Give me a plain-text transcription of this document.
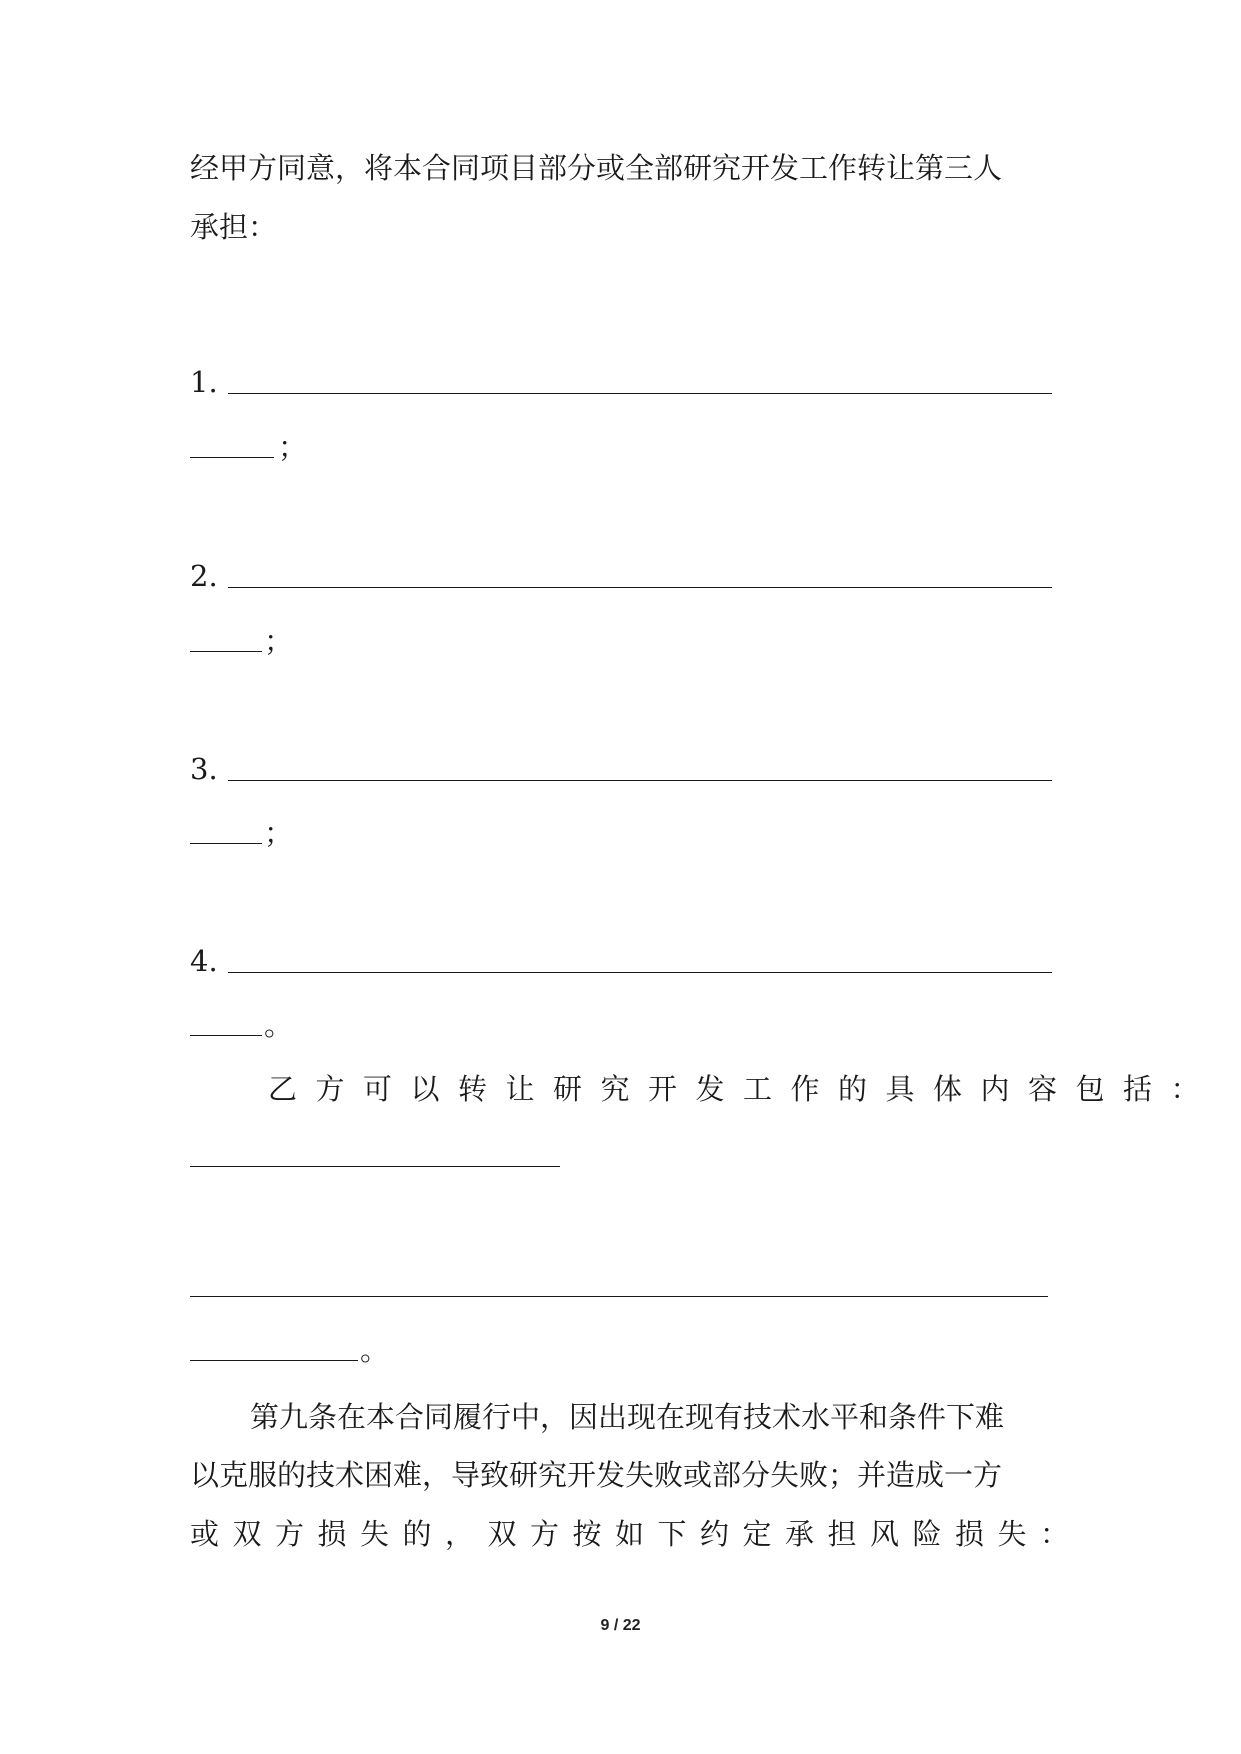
经甲方同意，将本合同项目部分或全部研究开发工作转让第三人
承担：
1.
；
2.
；
3.
；
4.
。
乙方可以转让研究开发工作的具体内容包括：
。
第九条在本合同履行中，因出现在现有技术水平和条件下难
以克服的技术困难，导致研究开发失败或部分失败；并造成一方
或双方损失的，双方按如下约定承担风险损失：
9 / 22
